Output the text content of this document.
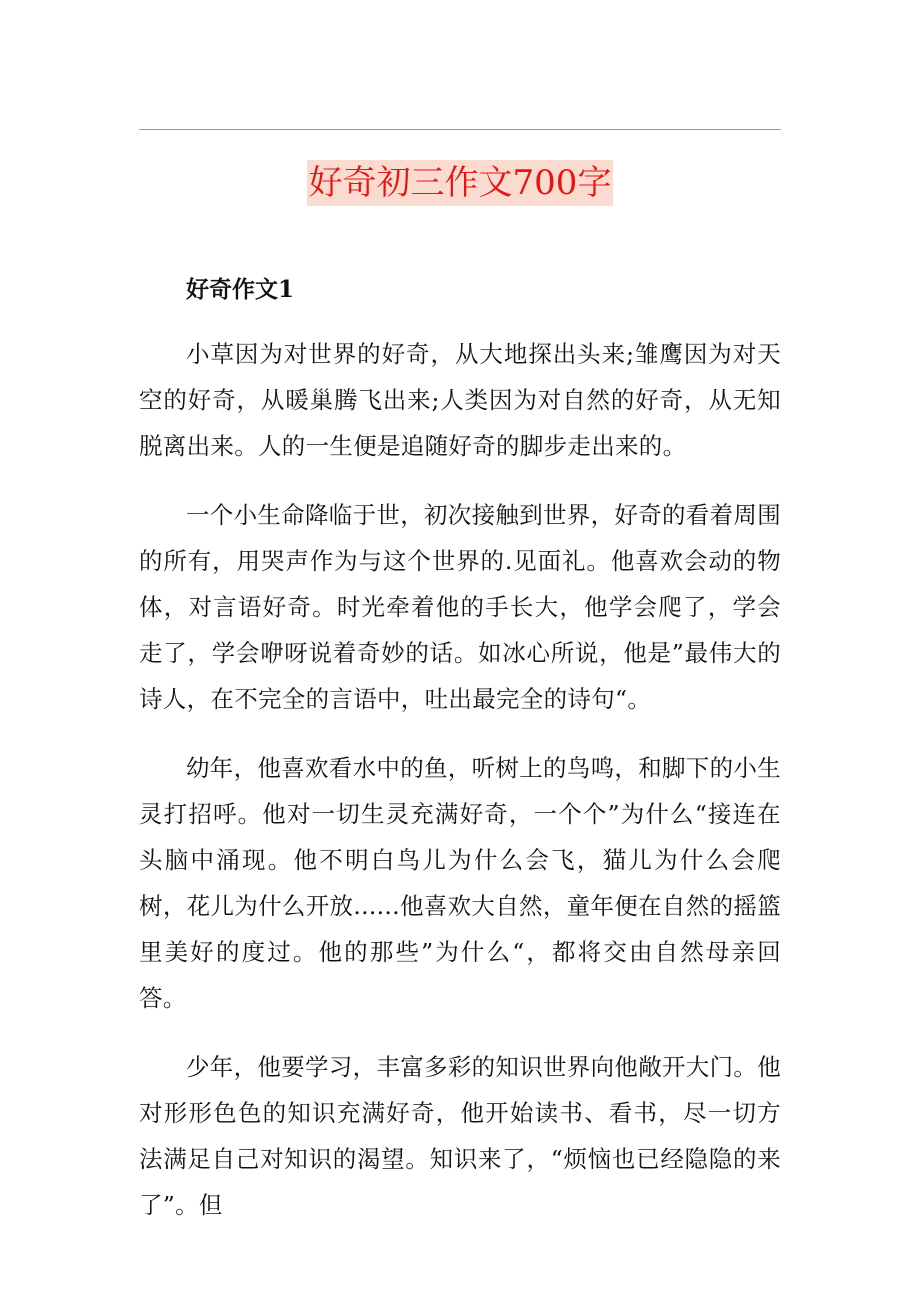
好奇初三作文700字
好奇作文1

小草因为对世界的好奇，从大地探出头来;雏鹰因为对天空的好奇，从暖巢腾飞出来;人类因为对自然的好奇，从无知脱离出来。人的一生便是追随好奇的脚步走出来的。

一个小生命降临于世，初次接触到世界，好奇的看着周围的所有，用哭声作为与这个世界的.见面礼。他喜欢会动的物体，对言语好奇。时光牵着他的手长大，他学会爬了，学会走了，学会咿呀说着奇妙的话。如冰心所说，他是”最伟大的诗人，在不完全的言语中，吐出最完全的诗句“。

幼年，他喜欢看水中的鱼，听树上的鸟鸣，和脚下的小生灵打招呼。他对一切生灵充满好奇，一个个”为什么“接连在头脑中涌现。他不明白鸟儿为什么会飞，猫儿为什么会爬树，花儿为什么开放......他喜欢大自然，童年便在自然的摇篮里美好的度过。他的那些”为什么“，都将交由自然母亲回答。

少年，他要学习，丰富多彩的知识世界向他敞开大门。他对形形色色的知识充满好奇，他开始读书、看书，尽一切方法满足自己对知识的渴望。知识来了，“烦恼也已经隐隐的来了”。但
